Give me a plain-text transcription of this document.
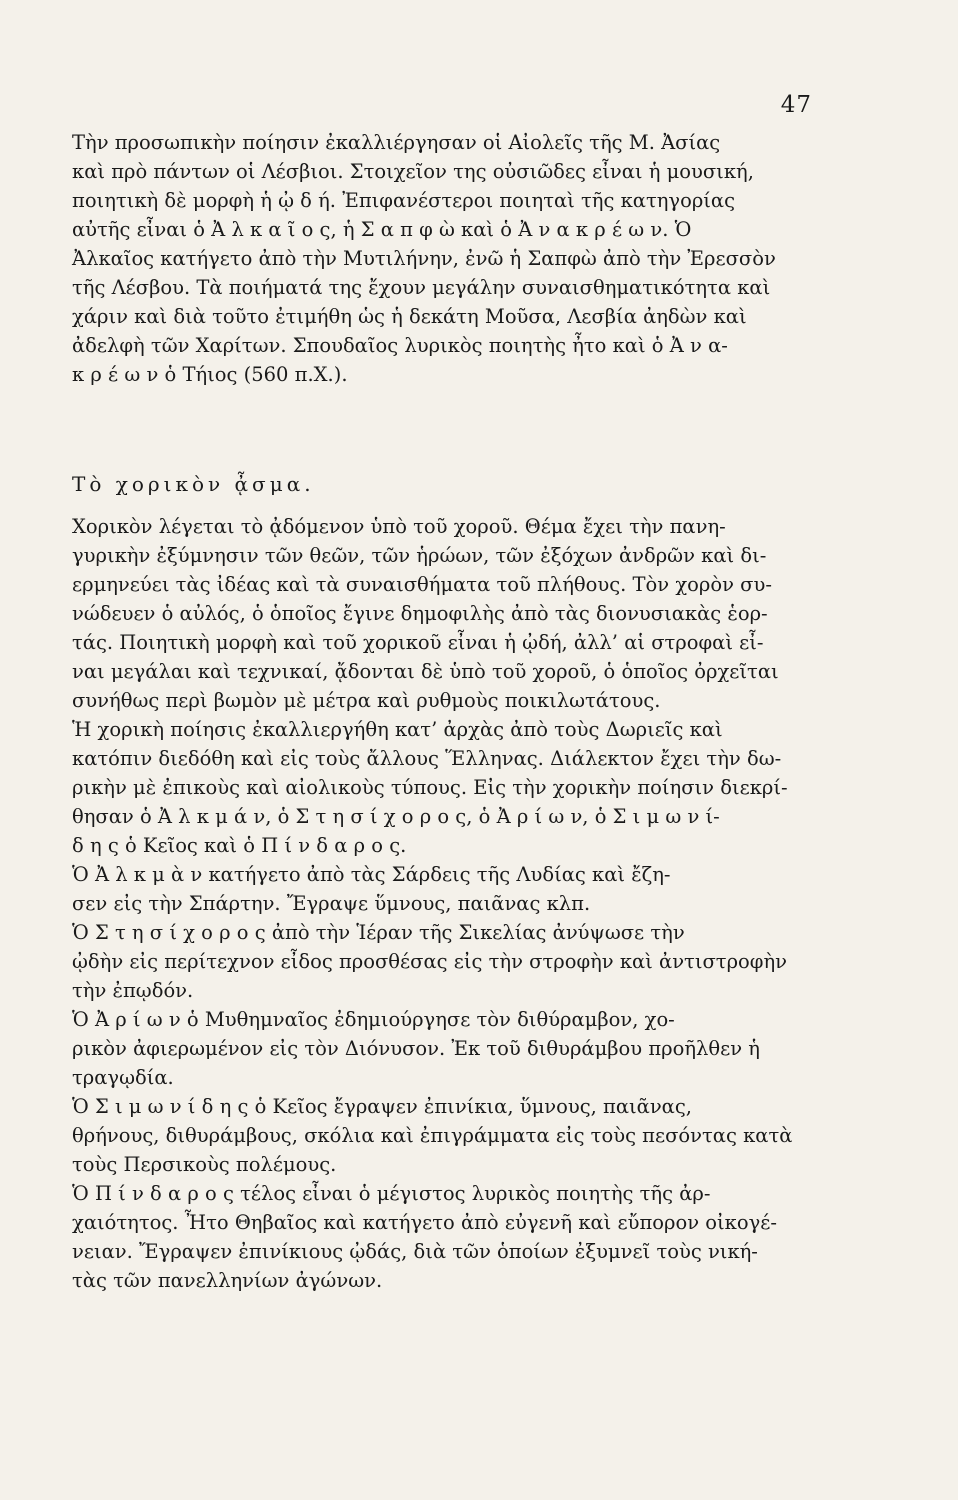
47
Τὴν προσωπικὴν ποίησιν ἐκαλλιέργησαν οἱ Αἰολεῖς τῆς Μ. Ἀσίας
καὶ πρὸ πάντων οἱ Λέσβιοι. Στοιχεῖον της οὐσιῶδες εἶναι ἡ μουσική,
ποιητικὴ δὲ μορφὴ ἡ ᾠ δ ή. Ἐπιφανέστεροι ποιηταὶ τῆς κατηγορίας
αὐτῆς εἶναι ὁ Ἀ λ κ α ῖ ο ς, ἡ Σ α π φ ὼ καὶ ὁ Ἀ ν α κ ρ έ ω ν. Ὁ
Ἀλκαῖος κατήγετο ἀπὸ τὴν Μυτιλήνην, ἐνῶ ἡ Σαπφὼ ἀπὸ τὴν Ἐρεσσὸν
τῆς Λέσβου. Τὰ ποιήματά της ἔχουν μεγάλην συναισθηματικότητα καὶ
χάριν καὶ διὰ τοῦτο ἐτιμήθη ὡς ἡ δεκάτη Μοῦσα, Λεσβία ἀηδὼν καὶ
ἀδελφὴ τῶν Χαρίτων. Σπουδαῖος λυρικὸς ποιητὴς ἦτο καὶ ὁ Ἀ ν α-
κ ρ έ ω ν ὁ Τήιος (560 π.Χ.).
Τὸ χορικὸν ᾆσμα.
Χορικὸν λέγεται τὸ ᾀδόμενον ὑπὸ τοῦ χοροῦ. Θέμα ἔχει τὴν πανη-
γυρικὴν ἐξύμνησιν τῶν θεῶν, τῶν ἡρώων, τῶν ἐξόχων ἀνδρῶν καὶ δι-
ερμηνεύει τὰς ἰδέας καὶ τὰ συναισθήματα τοῦ πλήθους. Τὸν χορὸν συ-
νώδευεν ὁ αὐλός, ὁ ὁποῖος ἔγινε δημοφιλὴς ἀπὸ τὰς διονυσιακὰς ἑορ-
τάς. Ποιητικὴ μορφὴ καὶ τοῦ χορικοῦ εἶναι ἡ ᾠδή, ἀλλ’ αἱ στροφαὶ εἶ-
ναι μεγάλαι καὶ τεχνικαί, ᾄδονται δὲ ὑπὸ τοῦ χοροῦ, ὁ ὁποῖος ὀρχεῖται
συνήθως περὶ βωμὸν μὲ μέτρα καὶ ρυθμοὺς ποικιλωτάτους.
Ἡ χορικὴ ποίησις ἐκαλλιεργήθη κατ’ ἀρχὰς ἀπὸ τοὺς Δωριεῖς καὶ
κατόπιν διεδόθη καὶ εἰς τοὺς ἄλλους Ἕλληνας. Διάλεκτον ἔχει τὴν δω-
ρικὴν μὲ ἐπικοὺς καὶ αἰολικοὺς τύπους. Εἰς τὴν χορικὴν ποίησιν διεκρί-
θησαν ὁ Ἀ λ κ μ ά ν, ὁ Σ τ η σ ί χ ο ρ ο ς, ὁ Ἀ ρ ί ω ν, ὁ Σ ι μ ω ν ί-
δ η ς ὁ Κεῖος καὶ ὁ Π ί ν δ α ρ ο ς.
Ὁ Ἀ λ κ μ ὰ ν κατήγετο ἀπὸ τὰς Σάρδεις τῆς Λυδίας καὶ ἔζη-
σεν εἰς τὴν Σπάρτην. Ἔγραψε ὕμνους, παιᾶνας κλπ.
Ὁ Σ τ η σ ί χ ο ρ ο ς ἀπὸ τὴν Ἱέραν τῆς Σικελίας ἀνύψωσε τὴν
ᾠδὴν εἰς περίτεχνον εἶδος προσθέσας εἰς τὴν στροφὴν καὶ ἀντιστροφὴν
τὴν ἐπῳδόν.
Ὁ Ἀ ρ ί ω ν ὁ Μυθημναῖος ἐδημιούργησε τὸν διθύραμβον, χο-
ρικὸν ἀφιερωμένον εἰς τὸν Διόνυσον. Ἐκ τοῦ διθυράμβου προῆλθεν ἡ
τραγῳδία.
Ὁ Σ ι μ ω ν ί δ η ς ὁ Κεῖος ἔγραψεν ἐπινίκια, ὕμνους, παιᾶνας,
θρήνους, διθυράμβους, σκόλια καὶ ἐπιγράμματα εἰς τοὺς πεσόντας κατὰ
τοὺς Περσικοὺς πολέμους.
Ὁ Π ί ν δ α ρ ο ς τέλος εἶναι ὁ μέγιστος λυρικὸς ποιητὴς τῆς ἀρ-
χαιότητος. Ἦτο Θηβαῖος καὶ κατήγετο ἀπὸ εὐγενῆ καὶ εὔπορον οἰκογέ-
νειαν. Ἔγραψεν ἐπινίκιους ᾠδάς, διὰ τῶν ὁποίων ἐξυμνεῖ τοὺς νική-
τὰς τῶν πανελληνίων ἀγώνων.
